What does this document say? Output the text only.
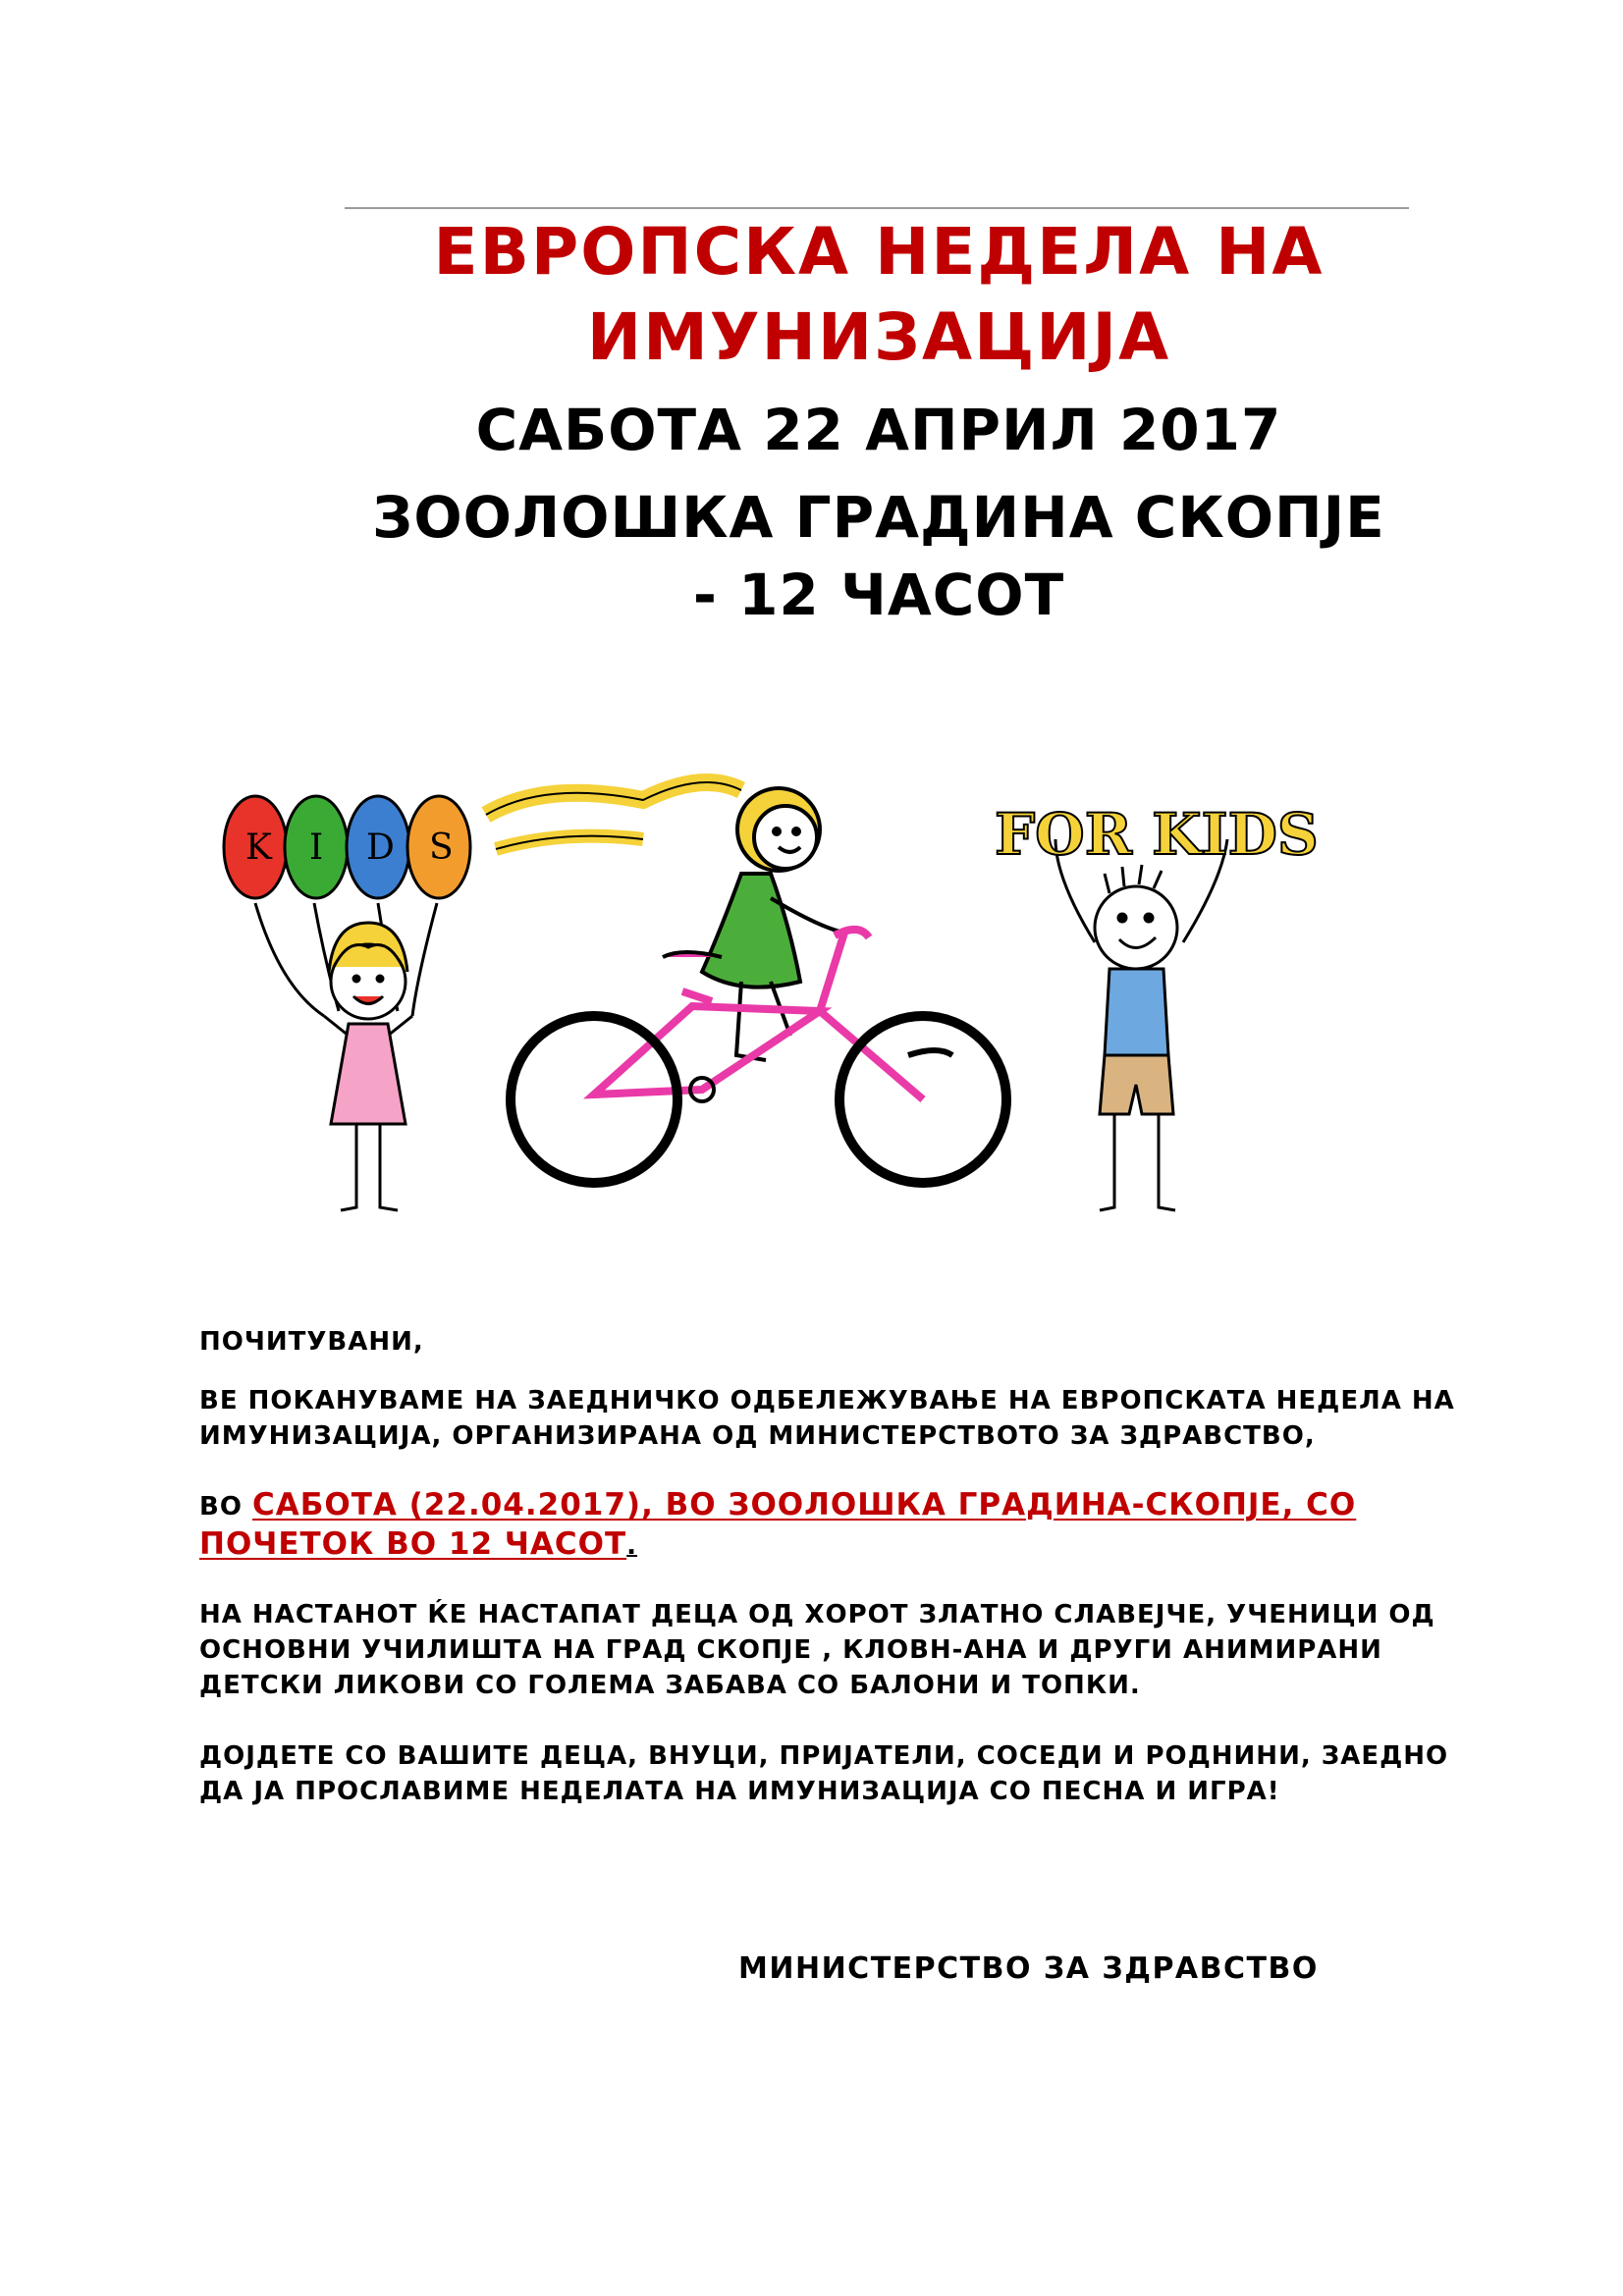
ЕВРОПСКА НЕДЕЛА НА ИМУНИЗАЦИЈА
САБОТА 22 АПРИЛ 2017
ЗООЛОШКА ГРАДИНА СКОПЈЕ
- 12 ЧАСОТ
K I D S	FOR KIDS

ПОЧИТУВАНИ,

ВЕ ПОКАНУВАМЕ НА ЗАЕДНИЧКО ОДБЕЛЕЖУВАЊЕ НА ЕВРОПСКАТА НЕДЕЛА НА ИМУНИЗАЦИЈА, ОРГАНИЗИРАНА ОД МИНИСТЕРСТВОТО ЗА ЗДРАВСТВО,

ВО САБОТА (22.04.2017), ВО ЗООЛОШКА ГРАДИНА-СКОПЈЕ, СО ПОЧЕТОК ВО 12 ЧАСОТ.

НА НАСТАНОТ ЌЕ НАСТАПАТ ДЕЦА ОД ХОРОТ ЗЛАТНО СЛАВЕЈЧЕ, УЧЕНИЦИ ОД ОСНОВНИ УЧИЛИШТА НА ГРАД СКОПЈЕ , КЛОВН-АНА И ДРУГИ АНИМИРАНИ ДЕТСКИ ЛИКОВИ СО ГОЛЕМА ЗАБАВА СО БАЛОНИ И ТОПКИ.

ДОЈДЕТЕ СО ВАШИТЕ ДЕЦА, ВНУЦИ, ПРИЈАТЕЛИ, СОСЕДИ И РОДНИНИ, ЗАЕДНО ДА ЈА ПРОСЛАВИМЕ НЕДЕЛАТА НА ИМУНИЗАЦИЈА СО ПЕСНА И ИГРА!

МИНИСТЕРСТВО ЗА ЗДРАВСТВО
